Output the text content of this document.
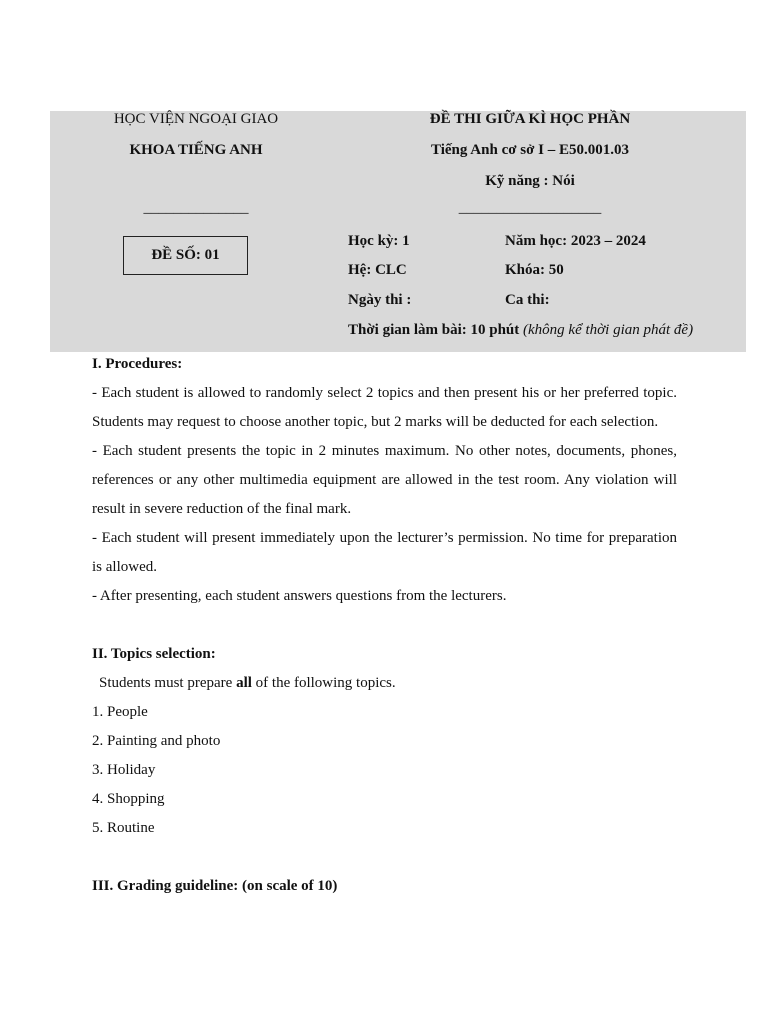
HỌC VIỆN NGOẠI GIAO
KHOA TIẾNG ANH
______________
ĐỀ THI GIỮA KÌ HỌC PHẦN
Tiếng Anh cơ sở I – E50.001.03
Kỹ năng : Nói
___________________
ĐỀ SỐ: 01
Học kỳ: 1	Năm học: 2023 – 2024
Hệ: CLC	Khóa: 50
Ngày thi :	Ca thi:
Thời gian làm bài: 10 phút (không kể thời gian phát đề)

I. Procedures:

- Each student is allowed to randomly select 2 topics and then present his or her preferred topic. Students may request to choose another topic, but 2 marks will be deducted for each selection.

- Each student presents the topic in 2 minutes maximum. No other notes, documents, phones, references or any other multimedia equipment are allowed in the test room. Any violation will result in severe reduction of the final mark.

- Each student will present immediately upon the lecturer’s permission. No time for preparation is allowed.

- After presenting, each student answers questions from the lecturers.

II. Topics selection:

Students must prepare all of the following topics.

1. People

2. Painting and photo

3. Holiday

4. Shopping

5. Routine

III. Grading guideline: (on scale of 10)
